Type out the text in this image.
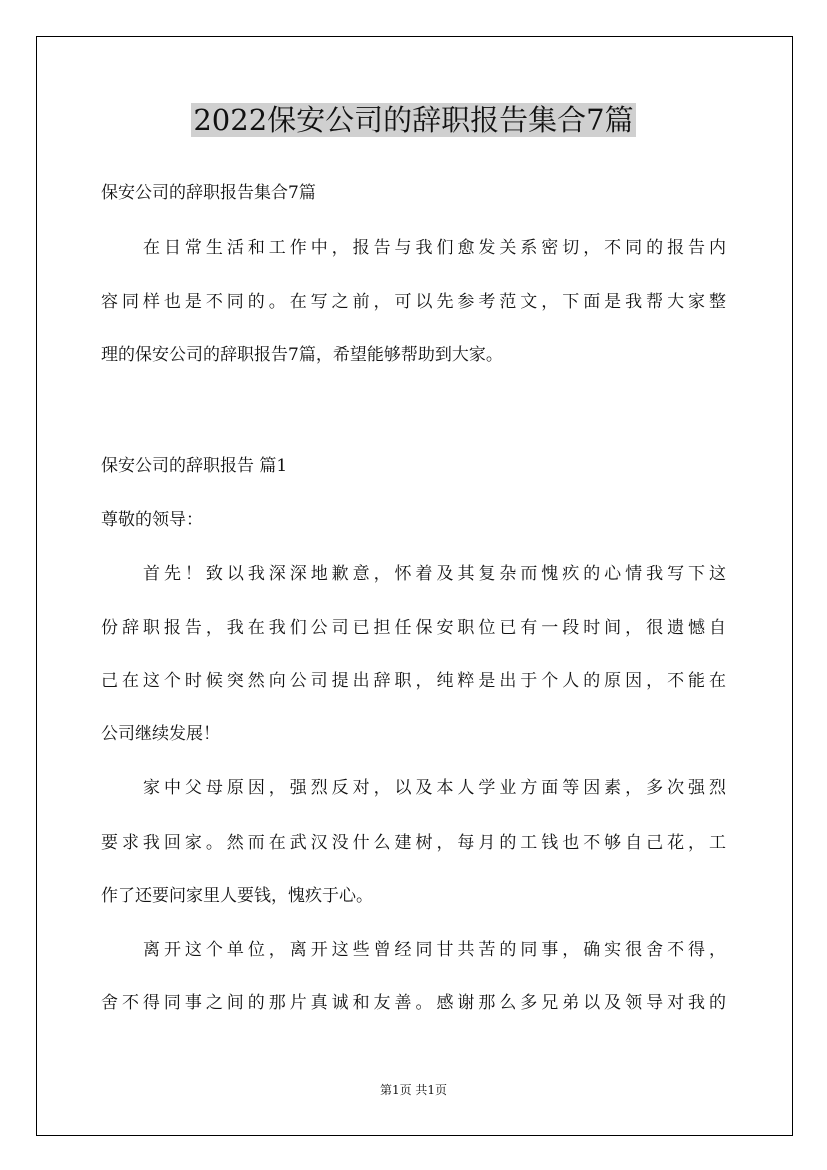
2022保安公司的辞职报告集合7篇

保安公司的辞职报告集合7篇

在日常生活和工作中，报告与我们愈发关系密切，不同的报告内

容同样也是不同的。在写之前，可以先参考范文，下面是我帮大家整

理的保安公司的辞职报告7篇，希望能够帮助到大家。

保安公司的辞职报告 篇1

尊敬的领导：

首先！致以我深深地歉意，怀着及其复杂而愧疚的心情我写下这

份辞职报告，我在我们公司已担任保安职位已有一段时间，很遗憾自

己在这个时候突然向公司提出辞职，纯粹是出于个人的原因，不能在

公司继续发展！

家中父母原因，强烈反对，以及本人学业方面等因素，多次强烈

要求我回家。然而在武汉没什么建树，每月的工钱也不够自己花，工

作了还要问家里人要钱，愧疚于心。

离开这个单位，离开这些曾经同甘共苦的同事，确实很舍不得，

舍不得同事之间的那片真诚和友善。感谢那么多兄弟以及领导对我的

第1页 共1页
